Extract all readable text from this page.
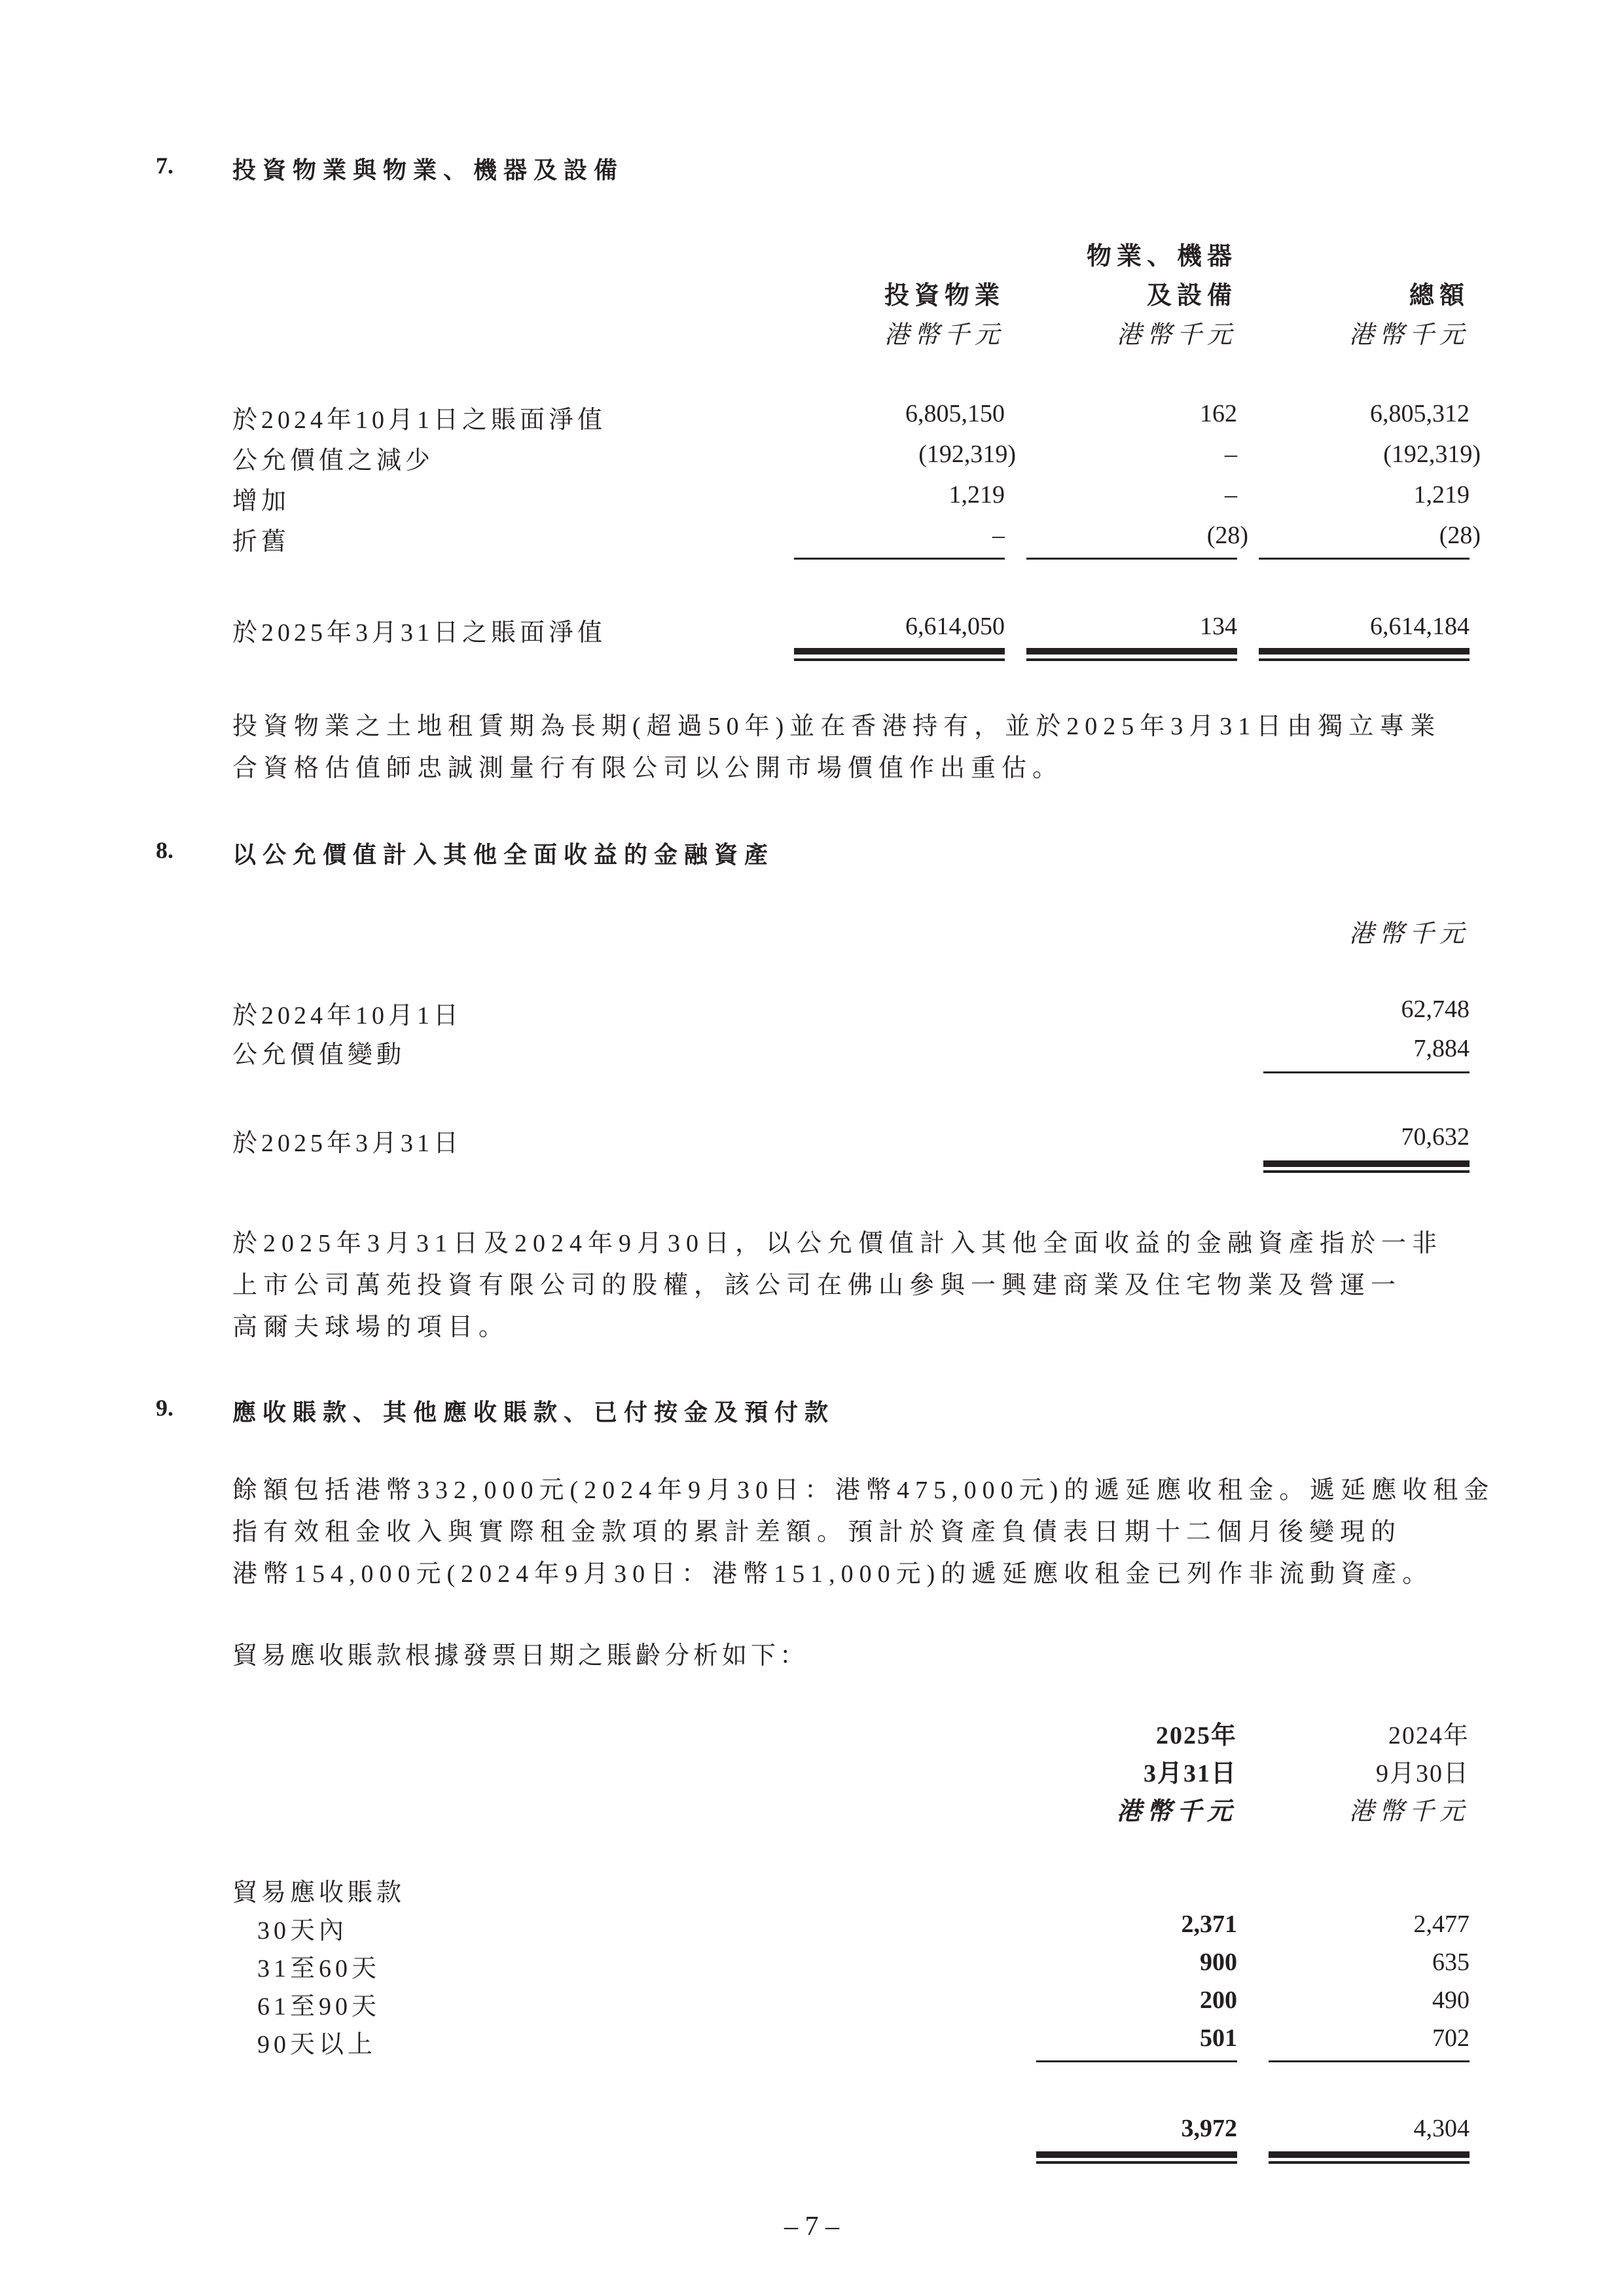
7.	投資物業與物業、機器及設備
物業、機器
投資物業	及設備	總額
港幣千元	港幣千元	港幣千元
於2024年10月1日之賬面淨值	6,805,150	162	6,805,312
公允價值之減少	(192,319)	–	(192,319)
增加	1,219	–	1,219
折舊	–	(28)	(28)
於2025年3月31日之賬面淨值	6,614,050	134	6,614,184
投資物業之土地租賃期為長期(超過50年)並在香港持有，並於2025年3月31日由獨立專業
合資格估值師忠誠測量行有限公司以公開市場價值作出重估。
8.	以公允價值計入其他全面收益的金融資產
港幣千元
於2024年10月1日	62,748
公允價值變動	7,884
於2025年3月31日	70,632
於2025年3月31日及2024年9月30日，以公允價值計入其他全面收益的金融資產指於一非
上市公司萬苑投資有限公司的股權，該公司在佛山參與一興建商業及住宅物業及營運一
高爾夫球場的項目。
9.	應收賬款、其他應收賬款、已付按金及預付款
餘額包括港幣332,000元(2024年9月30日：港幣475,000元)的遞延應收租金。遞延應收租金
指有效租金收入與實際租金款項的累計差額。預計於資產負債表日期十二個月後變現的
港幣154,000元(2024年9月30日：港幣151,000元)的遞延應收租金已列作非流動資產。
貿易應收賬款根據發票日期之賬齡分析如下：
2025年	2024年
3月31日	9月30日
港幣千元	港幣千元
貿易應收賬款
30天內	2,371	2,477
31至60天	900	635
61至90天	200	490
90天以上	501	702
3,972	4,304
– 7 –
